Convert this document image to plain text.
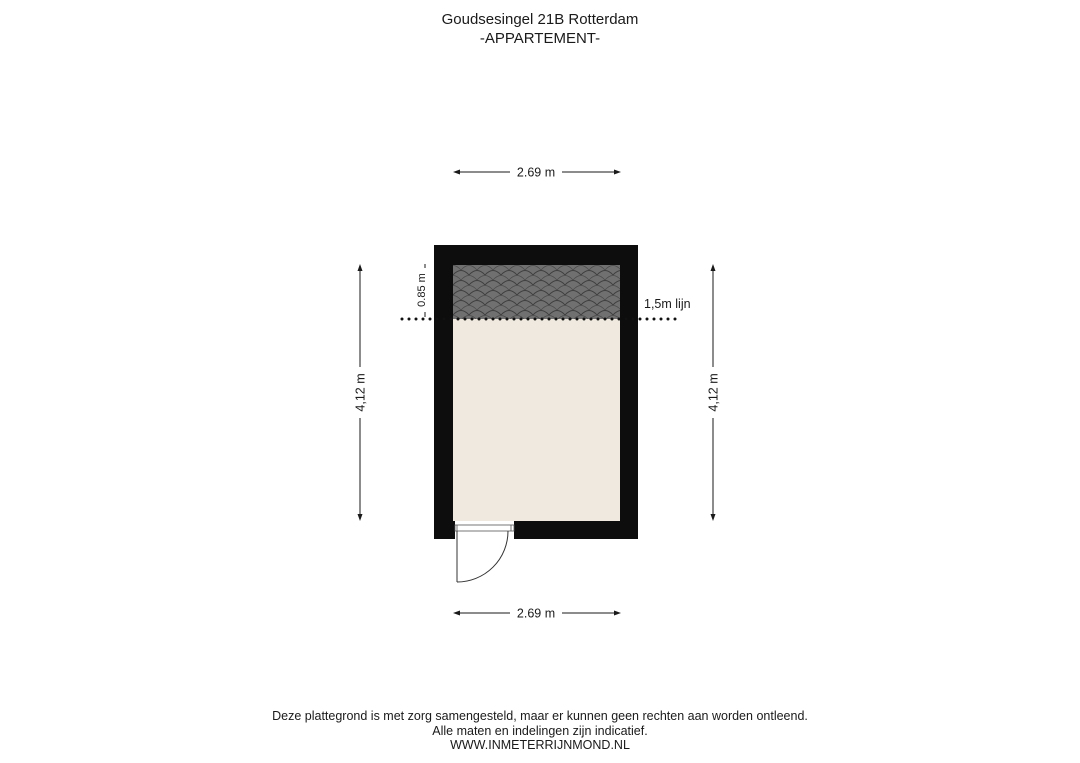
Goudsesingel 21B Rotterdam
-APPARTEMENT-
1,5m lijn
2.69 m
2.69 m
4,12 m	4,12 m
0.85 m
Deze plattegrond is met zorg samengesteld, maar er kunnen geen rechten aan worden ontleend.
Alle maten en indelingen zijn indicatief.
WWW.INMETERRIJNMOND.NL
